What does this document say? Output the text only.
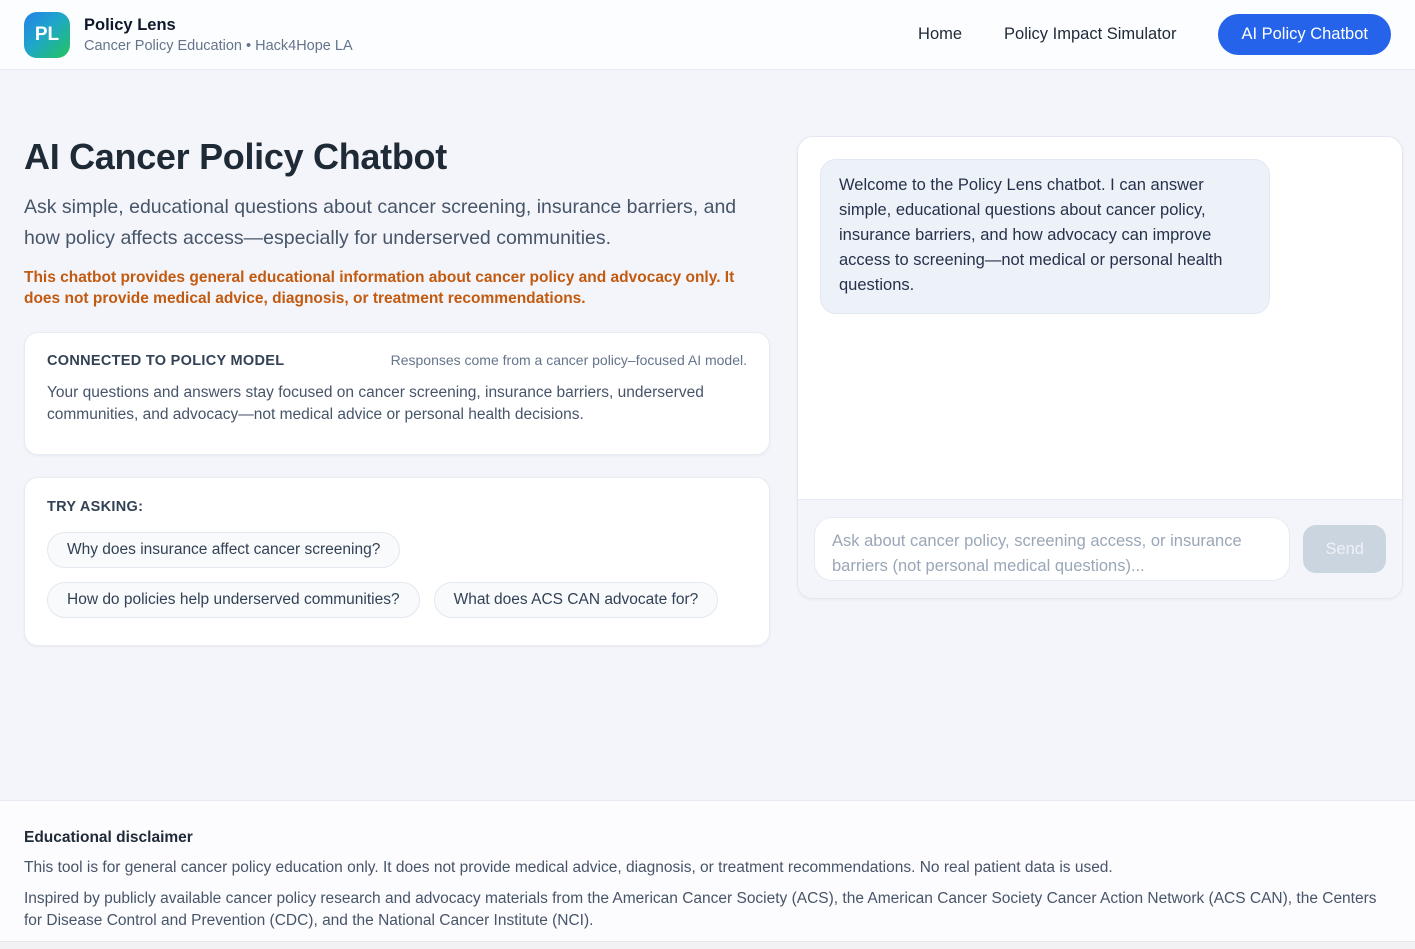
PL Policy Lens
Cancer Policy Education • Hack4Hope LA
Home	Policy Impact Simulator	AI Policy Chatbot
AI Cancer Policy Chatbot

Ask simple, educational questions about cancer screening, insurance barriers, and how policy affects access—especially for underserved communities.

This chatbot provides general educational information about cancer policy and advocacy only. It does not provide medical advice, diagnosis, or treatment recommendations.

CONNECTED TO POLICY MODEL	Responses come from a cancer policy–focused AI model.

Your questions and answers stay focused on cancer screening, insurance barriers, underserved communities, and advocacy—not medical advice or personal health decisions.

TRY ASKING:
Why does insurance affect cancer screening?
How do policies help underserved communities?	What does ACS CAN advocate for?
Welcome to the Policy Lens chatbot. I can answer simple, educational questions about cancer policy, insurance barriers, and how advocacy can improve access to screening—not medical or personal health questions.
Ask about cancer policy, screening access, or insurance barriers (not personal medical questions)...
Send
Educational disclaimer

This tool is for general cancer policy education only. It does not provide medical advice, diagnosis, or treatment recommendations. No real patient data is used.

Inspired by publicly available cancer policy research and advocacy materials from the American Cancer Society (ACS), the American Cancer Society Cancer Action Network (ACS CAN), the Centers for Disease Control and Prevention (CDC), and the National Cancer Institute (NCI).
